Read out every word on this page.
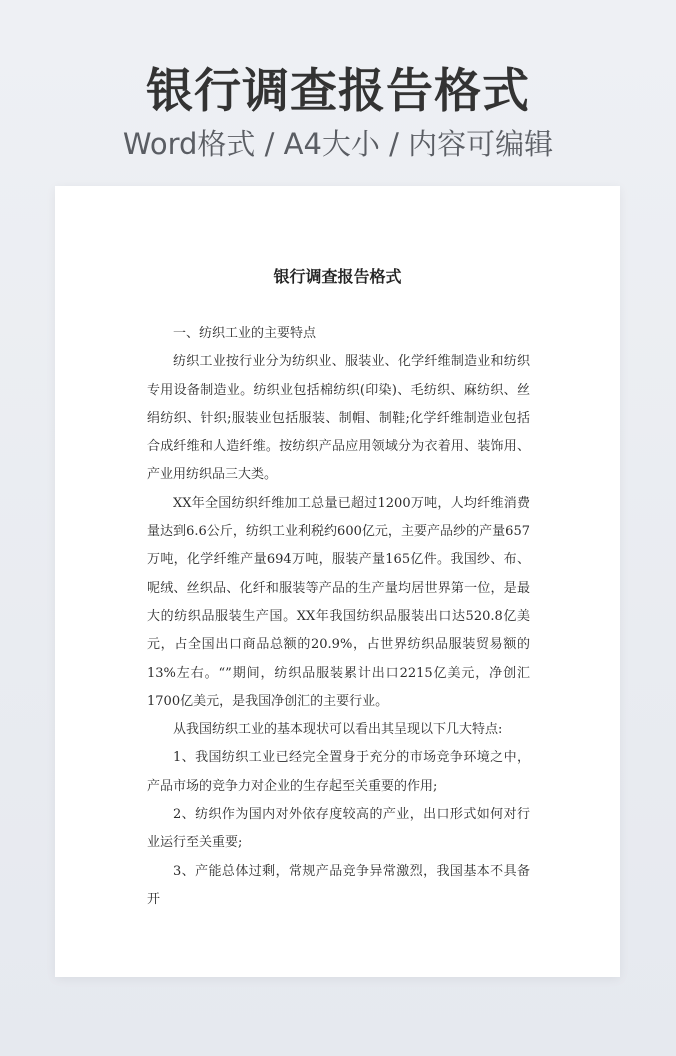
银行调查报告格式
Word格式 / A4大小 / 内容可编辑
银行调查报告格式

一、纺织工业的主要特点

纺织工业按行业分为纺织业、服装业、化学纤维制造业和纺织专用设备制造业。纺织业包括棉纺织(印染)、毛纺织、麻纺织、丝绢纺织、针织;服装业包括服装、制帽、制鞋;化学纤维制造业包括合成纤维和人造纤维。按纺织产品应用领域分为衣着用、装饰用、产业用纺织品三大类。

XX年全国纺织纤维加工总量已超过1200万吨，人均纤维消费量达到6.6公斤，纺织工业利税约600亿元，主要产品纱的产量657万吨，化学纤维产量694万吨，服装产量165亿件。我国纱、布、呢绒、丝织品、化纤和服装等产品的生产量均居世界第一位，是最大的纺织品服装生产国。XX年我国纺织品服装出口达520.8亿美元，占全国出口商品总额的20.9%，占世界纺织品服装贸易额的13%左右。“”期间，纺织品服装累计出口2215亿美元，净创汇1700亿美元，是我国净创汇的主要行业。

从我国纺织工业的基本现状可以看出其呈现以下几大特点:

1、我国纺织工业已经完全置身于充分的市场竞争环境之中，产品市场的竞争力对企业的生存起至关重要的作用;

2、纺织作为国内对外依存度较高的产业，出口形式如何对行业运行至关重要;

3、产能总体过剩，常规产品竞争异常激烈，我国基本不具备开
